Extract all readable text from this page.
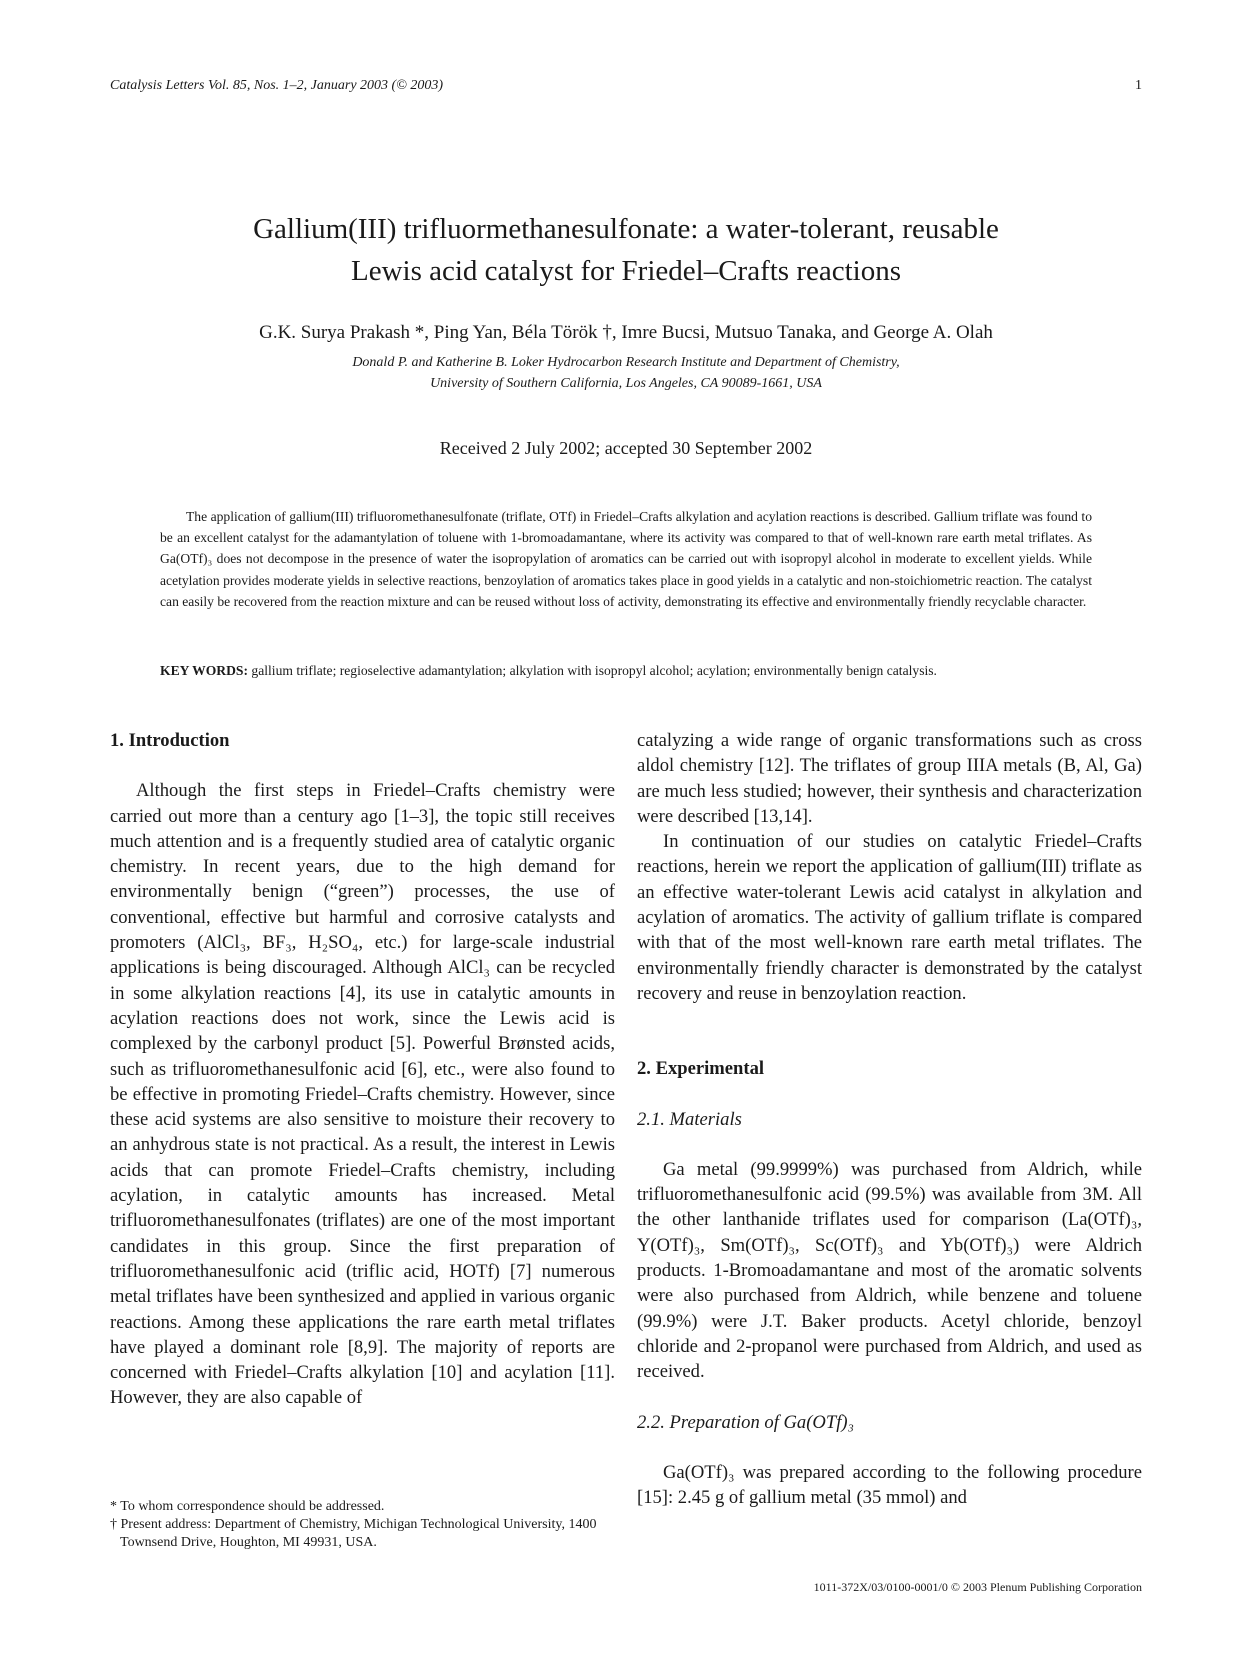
Catalysis Letters Vol. 85, Nos. 1–2, January 2003 (© 2003)	1
Gallium(III) trifluormethanesulfonate: a water-tolerant, reusable
Lewis acid catalyst for Friedel–Crafts reactions

G.K. Surya Prakash *, Ping Yan, Béla Török †, Imre Bucsi, Mutsuo Tanaka, and George A. Olah

Donald P. and Katherine B. Loker Hydrocarbon Research Institute and Department of Chemistry,
University of Southern California, Los Angeles, CA 90089-1661, USA
Received 2 July 2002; accepted 30 September 2002

The application of gallium(III) trifluoromethanesulfonate (triflate, OTf) in Friedel–Crafts alkylation and acylation reactions is described. Gallium triflate was found to be an excellent catalyst for the adamantylation of toluene with 1-bromoadamantane, where its activity was compared to that of well-known rare earth metal triflates. As Ga(OTf)₃ does not decompose in the presence of water the isopropylation of aromatics can be carried out with isopropyl alcohol in moderate to excellent yields. While acetylation provides moderate yields in selective reactions, benzoylation of aromatics takes place in good yields in a catalytic and non-stoichiometric reaction. The catalyst can easily be recovered from the reaction mixture and can be reused without loss of activity, demonstrating its effective and environmentally friendly recyclable character.

KEY WORDS: gallium triflate; regioselective adamantylation; alkylation with isopropyl alcohol; acylation; environmentally benign catalysis.

1. Introduction

Although the first steps in Friedel–Crafts chemistry were carried out more than a century ago [1–3], the topic still receives much attention and is a frequently studied area of catalytic organic chemistry. In recent years, due to the high demand for environmentally benign (“green”) processes, the use of conventional, effective but harmful and corrosive catalysts and promoters (AlCl₃, BF₃, H₂SO₄, etc.) for large-scale industrial applications is being discouraged. Although AlCl₃ can be recycled in some alkylation reactions [4], its use in catalytic amounts in acylation reactions does not work, since the Lewis acid is complexed by the carbonyl product [5]. Powerful Brønsted acids, such as trifluoromethanesulfonic acid [6], etc., were also found to be effective in promoting Friedel–Crafts chemistry. However, since these acid systems are also sensitive to moisture their recovery to an anhydrous state is not practical. As a result, the interest in Lewis acids that can promote Friedel–Crafts chemistry, including acylation, in catalytic amounts has increased. Metal trifluoromethanesulfonates (triflates) are one of the most important candidates in this group. Since the first preparation of trifluoromethanesulfonic acid (triflic acid, HOTf) [7] numerous metal triflates have been synthesized and applied in various organic reactions. Among these applications the rare earth metal triflates have played a dominant role [8,9]. The majority of reports are concerned with Friedel–Crafts alkylation [10] and acylation [11]. However, they are also capable of

catalyzing a wide range of organic transformations such as cross aldol chemistry [12]. The triflates of group IIIA metals (B, Al, Ga) are much less studied; however, their synthesis and characterization were described [13,14].

In continuation of our studies on catalytic Friedel–Crafts reactions, herein we report the application of gallium(III) triflate as an effective water-tolerant Lewis acid catalyst in alkylation and acylation of aromatics. The activity of gallium triflate is compared with that of the most well-known rare earth metal triflates. The environmentally friendly character is demonstrated by the catalyst recovery and reuse in benzoylation reaction.

2. Experimental
2.1. Materials

Ga metal (99.9999%) was purchased from Aldrich, while trifluoromethanesulfonic acid (99.5%) was available from 3M. All the other lanthanide triflates used for comparison (La(OTf)₃, Y(OTf)₃, Sm(OTf)₃, Sc(OTf)₃ and Yb(OTf)₃) were Aldrich products. 1-Bromoadamantane and most of the aromatic solvents were also purchased from Aldrich, while benzene and toluene (99.9%) were J.T. Baker products. Acetyl chloride, benzoyl chloride and 2-propanol were purchased from Aldrich, and used as received.

2.2. Preparation of Ga(OTf)₃

Ga(OTf)₃ was prepared according to the following procedure [15]: 2.45 g of gallium metal (35 mmol) and

* To whom correspondence should be addressed.

† Present address: Department of Chemistry, Michigan Technological University, 1400 Townsend Drive, Houghton, MI 49931, USA.

1011-372X/03/0100-0001/0 © 2003 Plenum Publishing Corporation
